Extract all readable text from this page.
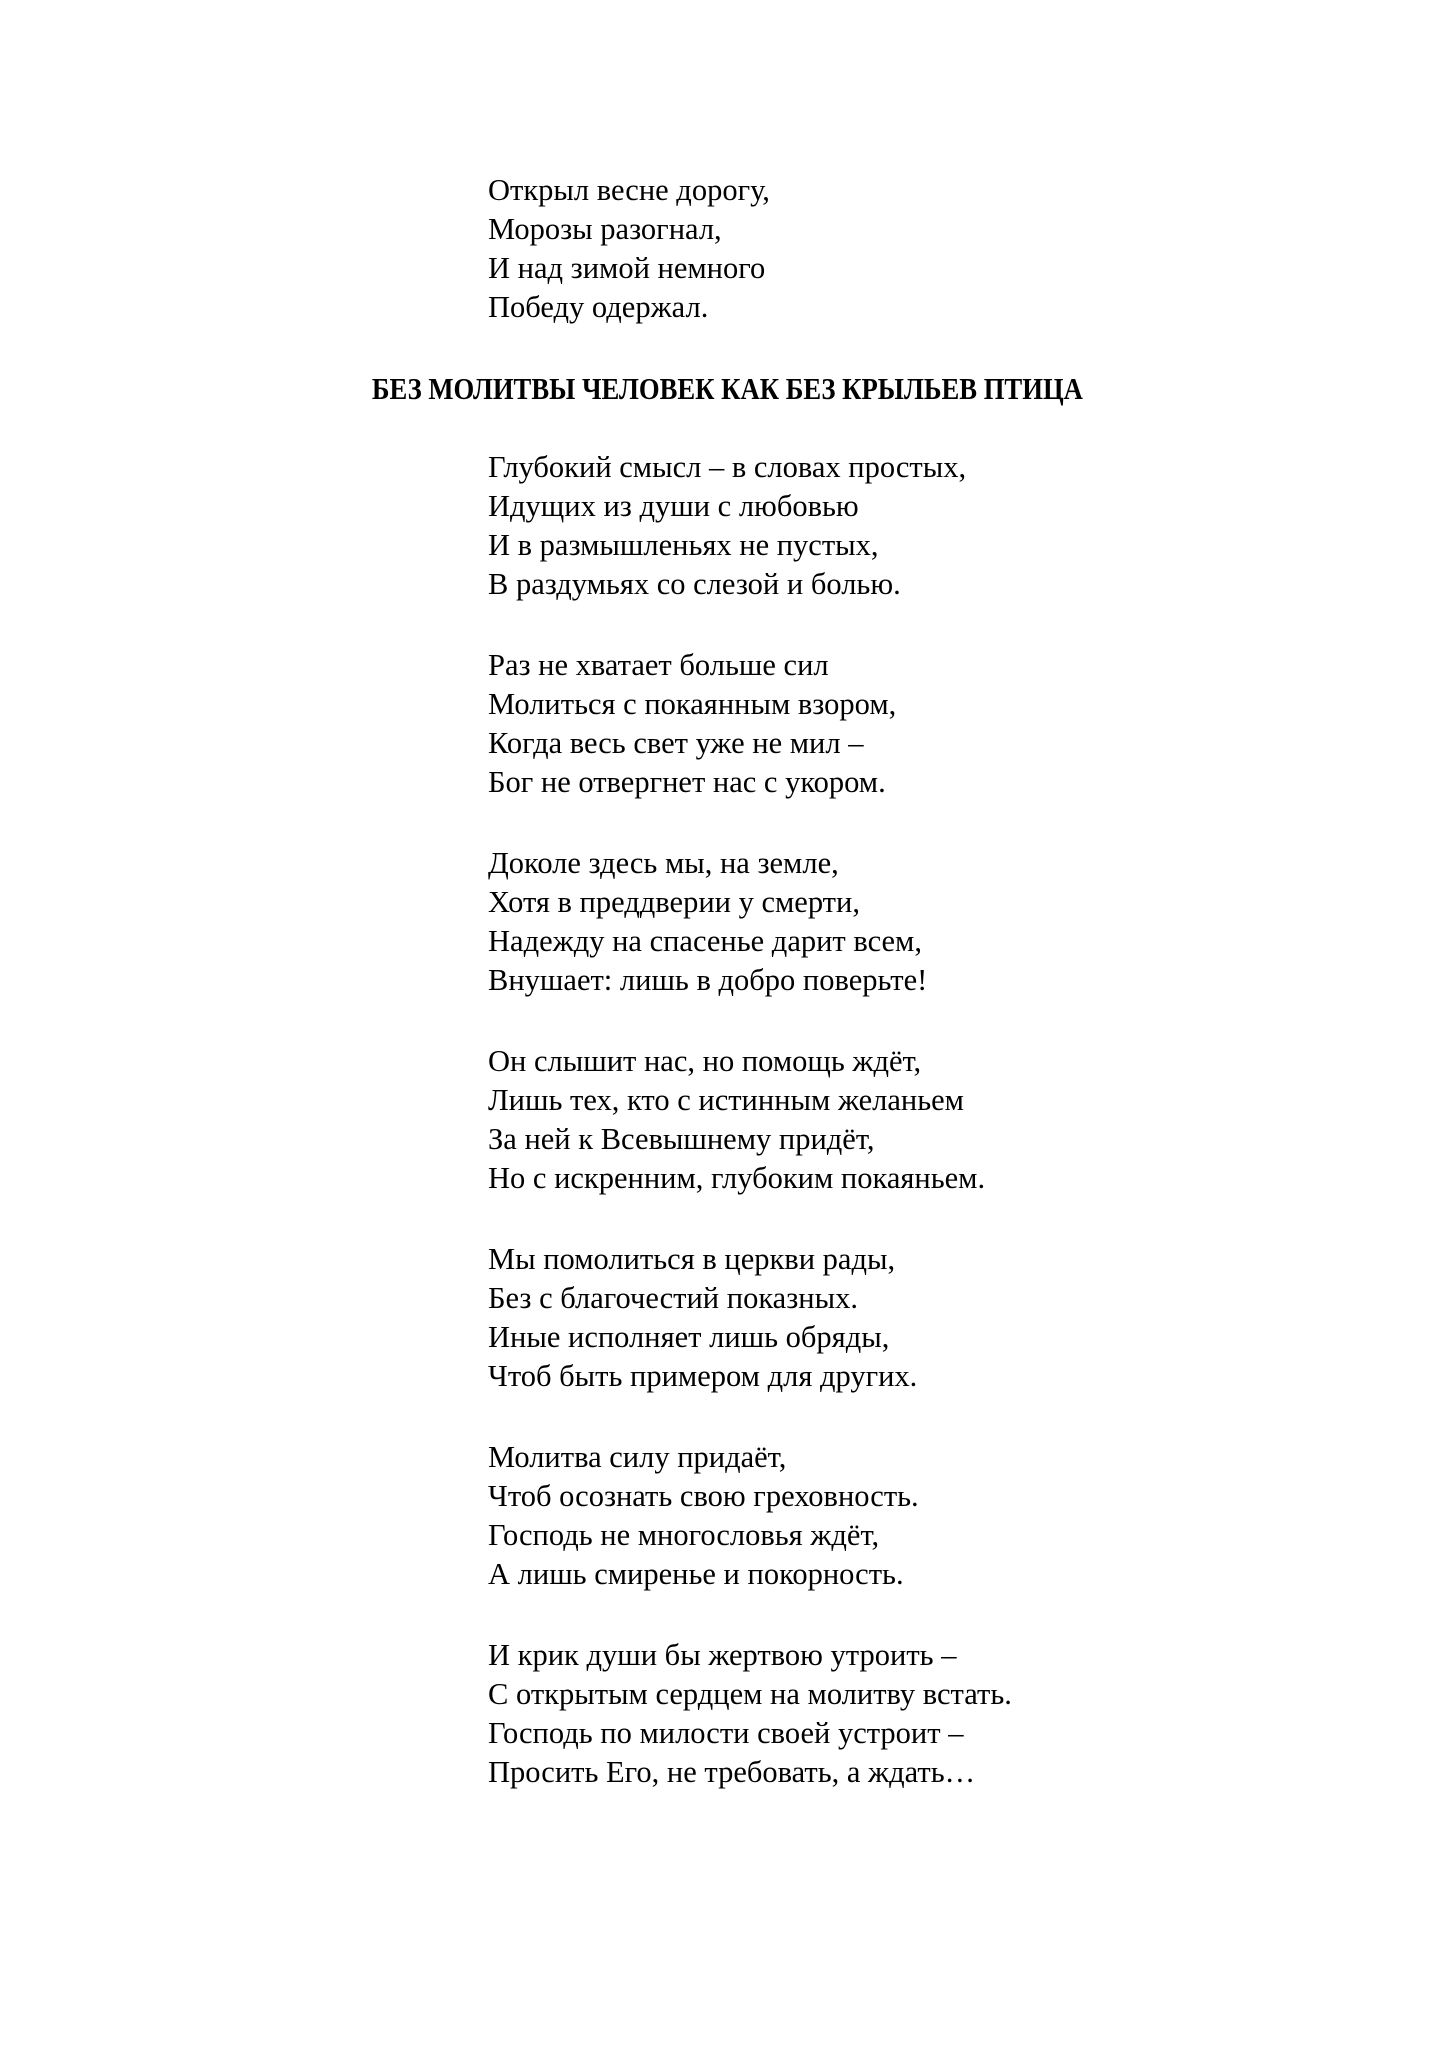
Открыл весне дорогу,
Морозы разогнал,
И над зимой немного
Победу одержал.
БЕЗ МОЛИТВЫ ЧЕЛОВЕК КАК БЕЗ КРЫЛЬЕВ ПТИЦА
Глубокий смысл – в словах простых,
Идущих из души с любовью
И в размышленьях не пустых,
В раздумьях со слезой и болью.
Раз не хватает больше сил
Молиться с покаянным взором,
Когда весь свет уже не мил –
Бог не отвергнет нас с укором.
Доколе здесь мы, на земле,
Хотя в преддверии у смерти,
Надежду на спасенье дарит всем,
Внушает: лишь в добро поверьте!
Он слышит нас, но помощь ждёт,
Лишь тех, кто с истинным желаньем
За ней к Всевышнему придёт,
Но с искренним, глубоким покаяньем.
Мы помолиться в церкви рады,
Без с благочестий показных.
Иные исполняет лишь обряды,
Чтоб быть примером для других.
Молитва силу придаёт,
Чтоб осознать свою греховность.
Господь не многословья ждёт,
А лишь смиренье и покорность.
И крик души бы жертвою утроить –
С открытым сердцем на молитву встать.
Господь по милости своей устроит –
Просить Его, не требовать, а ждать…
